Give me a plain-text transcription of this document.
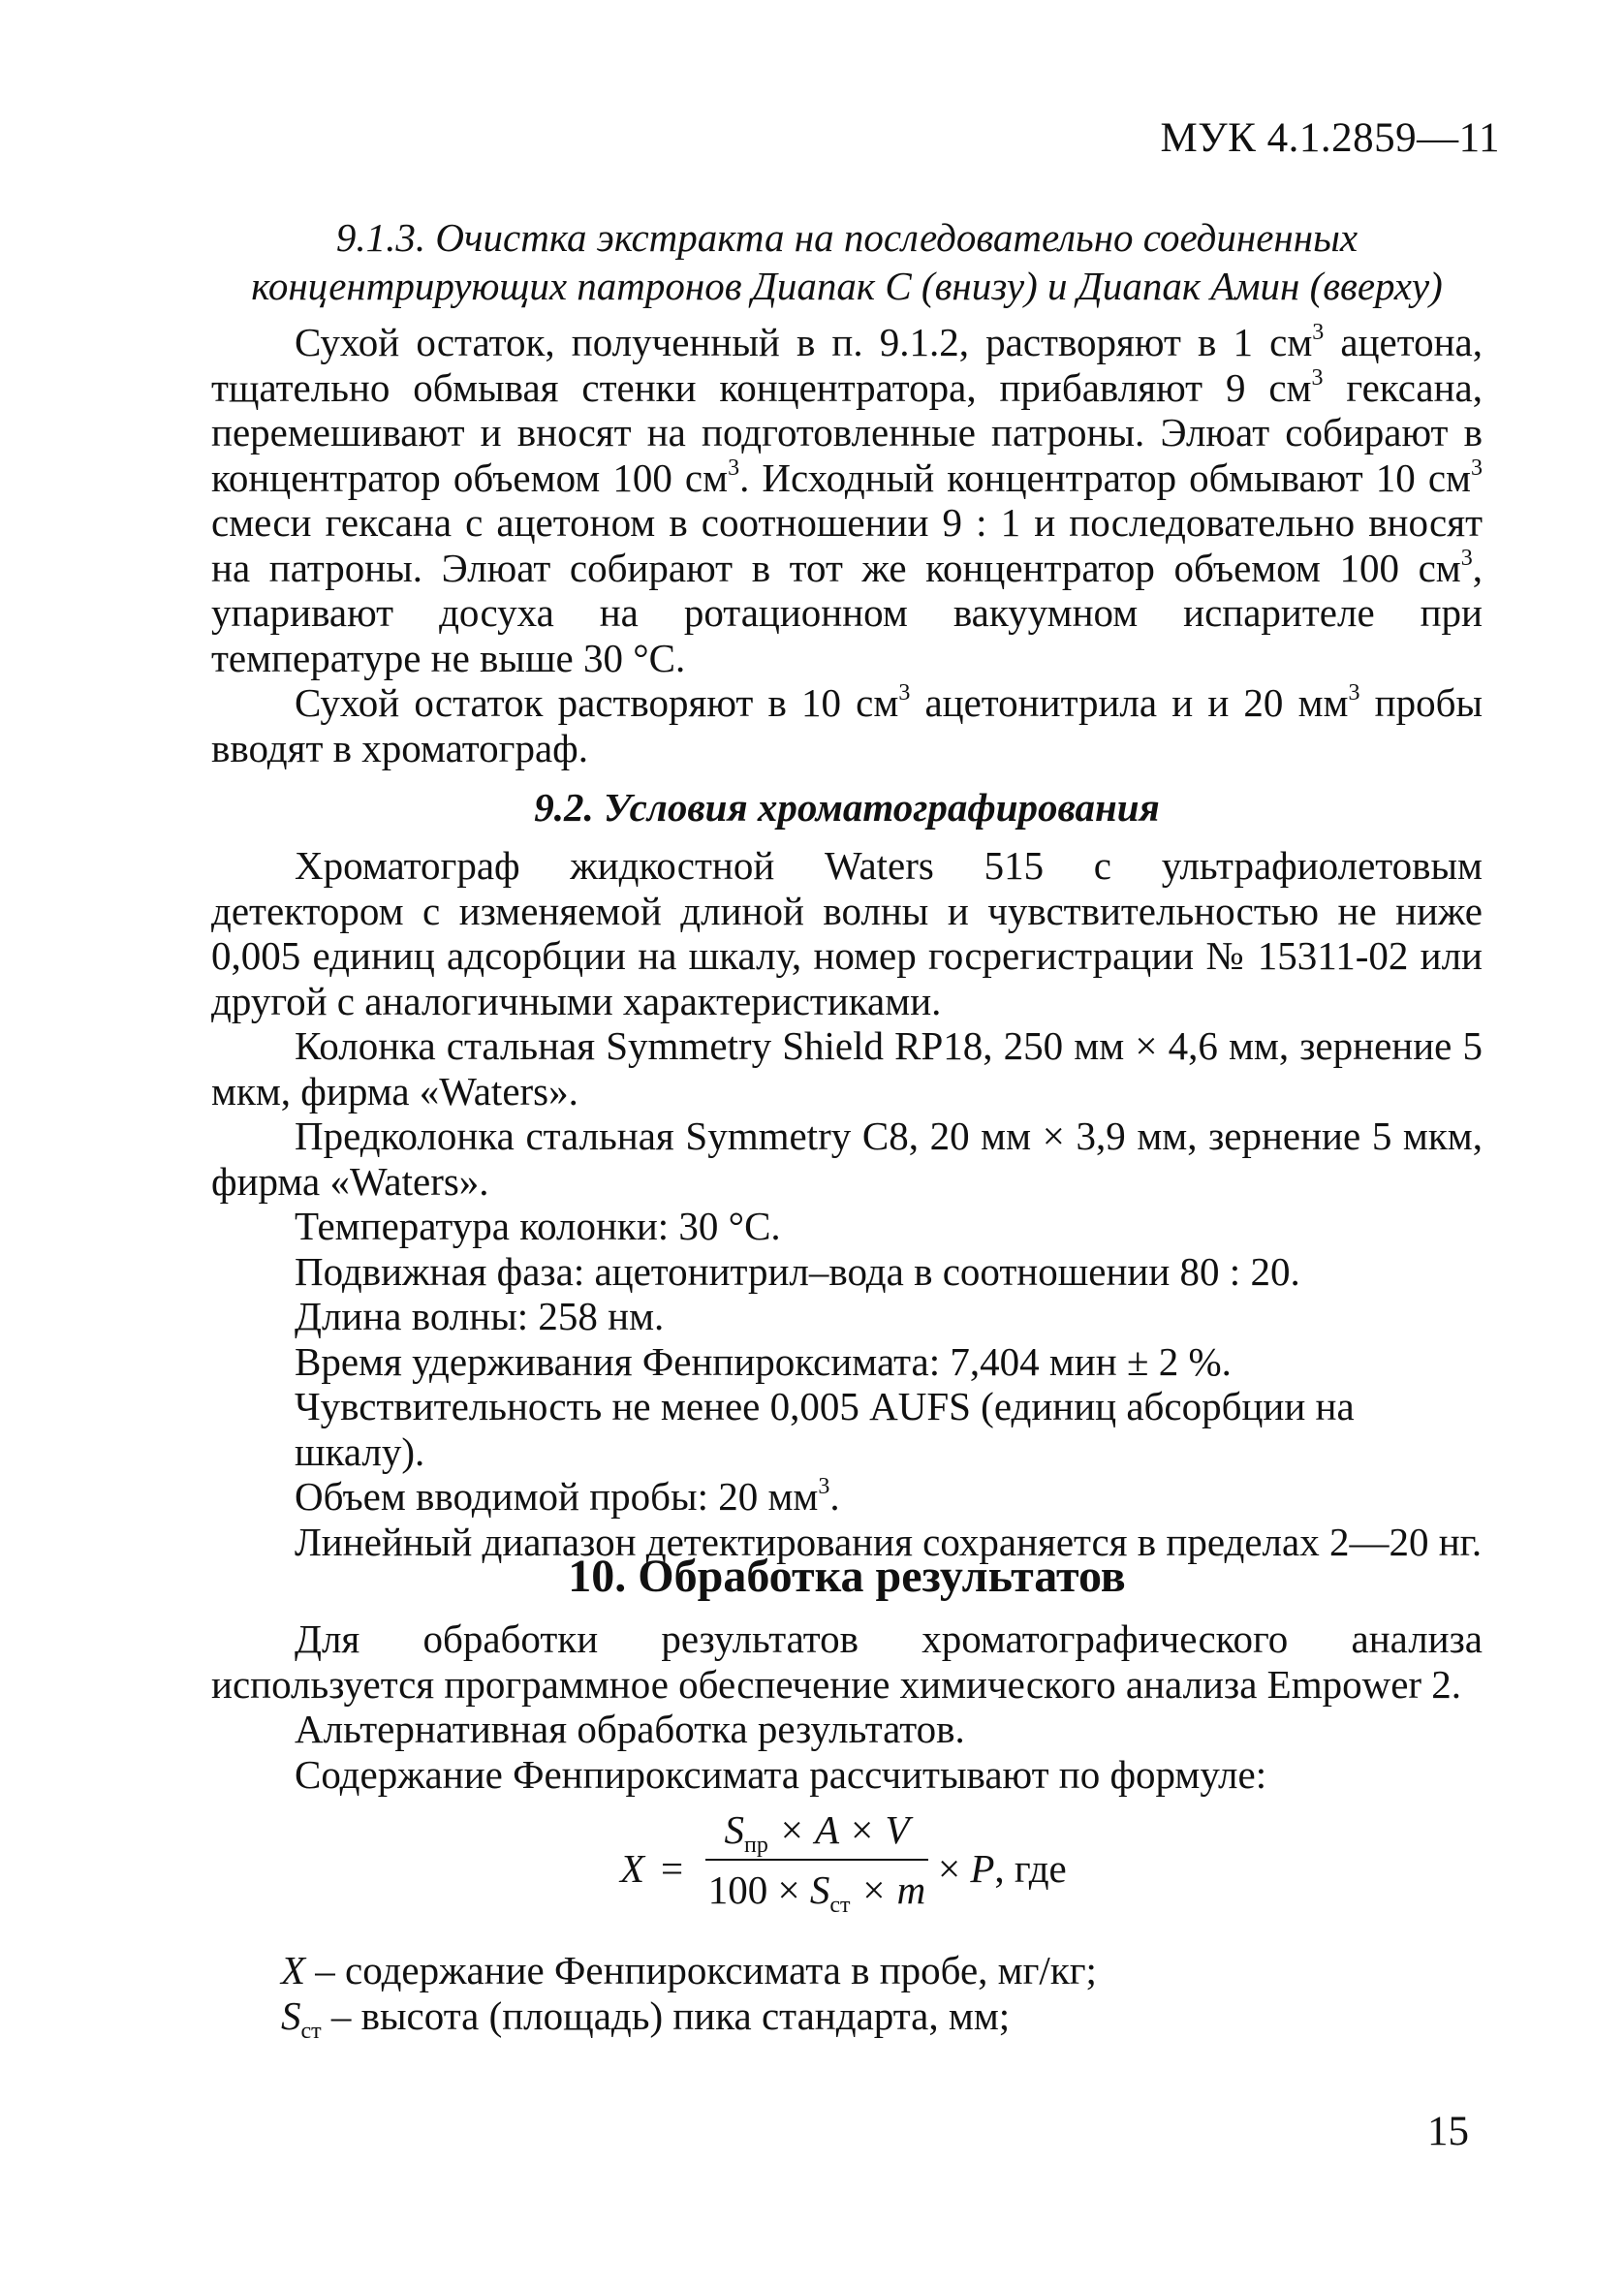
МУК 4.1.2859—11
9.1.3. Очистка экстракта на последовательно соединенных
концентрирующих патронов Диапак С (внизу) и Диапак Амин (вверху)

Сухой остаток, полученный в п. 9.1.2, растворяют в 1 $см^3$ ацетона, тщательно обмывая стенки концентратора, прибавляют 9 $см^3$ гексана, перемешивают и вносят на подготовленные патроны. Элюат собирают в концентратор объемом 100 $см^3$. Исходный концентратор обмывают 10 $см^3$ смеси гексана с ацетоном в соотношении 9 : 1 и последовательно вносят на патроны. Элюат собирают в тот же концентратор объемом 100 $см^3$, упаривают досуха на ротационном вакуумном испарителе при температуре не выше 30 °С.

Сухой остаток растворяют в 10 $см^3$ ацетонитрила и и 20 $мм^3$ пробы вводят в хроматограф.

9.2. Условия хроматографирования

Хроматограф жидкостной Waters 515 с ультрафиолетовым детектором с изменяемой длиной волны и чувствительностью не ниже 0,005 единиц адсорбции на шкалу, номер госрегистрации № 15311-02 или другой с аналогичными характеристиками.

Колонка стальная Symmetry Shield RP18, 250 мм × 4,6 мм, зернение 5 мкм, фирма «Waters».

Предколонка стальная Symmetry C8, 20 мм × 3,9 мм, зернение 5 мкм, фирма «Waters».

Температура колонки: 30 °С.

Подвижная фаза: ацетонитрил–вода в соотношении 80 : 20.

Длина волны: 258 нм.

Время удерживания Фенпироксимата: 7,404 мин ± 2 %.

Чувствительность не менее 0,005 AUFS (единиц абсорбции на шкалу).

Объем вводимой пробы: 20 $мм^3$.

Линейный диапазон детектирования сохраняется в пределах 2—20 нг.

10. Обработка результатов

Для обработки результатов хроматографического анализа используется программное обеспечение химического анализа Empower 2.

Альтернативная обработка результатов.

Содержание Фенпироксимата рассчитывают по формуле:

X =
$S_{пр} \times A \times V$
$100 \times S_{ст} \times m \times P$, где

X – содержание Фенпироксимата в пробе, мг/кг;

$S_{ст}$ – высота (площадь) пика стандарта, мм;

15
